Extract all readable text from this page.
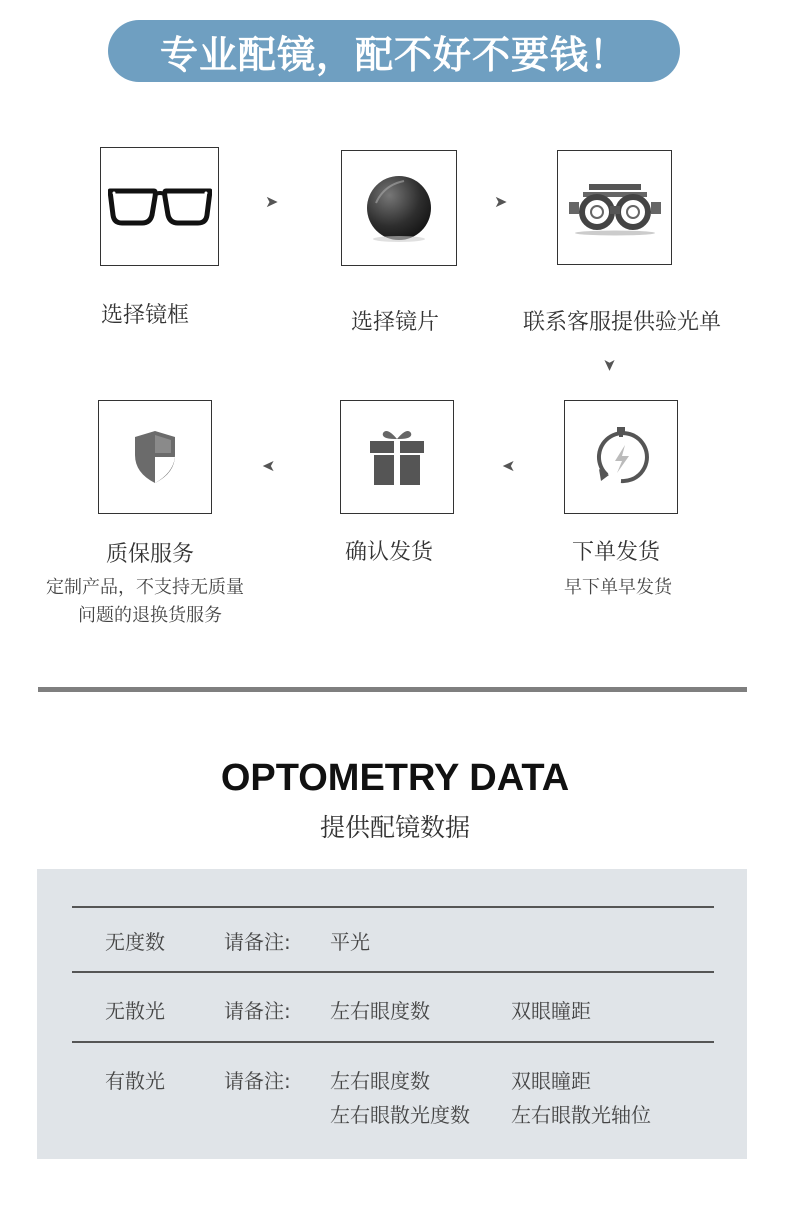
专业配镜，配不好不要钱！
➤	➤
选择镜框	选择镜片	联系客服提供验光单
➤
➤	➤
质保服务
定制产品，不支持无质量
问题的退换货服务
确认发货	下单发货
早下单早发货
OPTOMETRY DATA
提供配镜数据
无度数	请备注: 平光
无散光	请备注: 左右眼度数	双眼瞳距
有散光	请备注: 左右眼度数	双眼瞳距
左右眼散光度数 左右眼散光轴位
